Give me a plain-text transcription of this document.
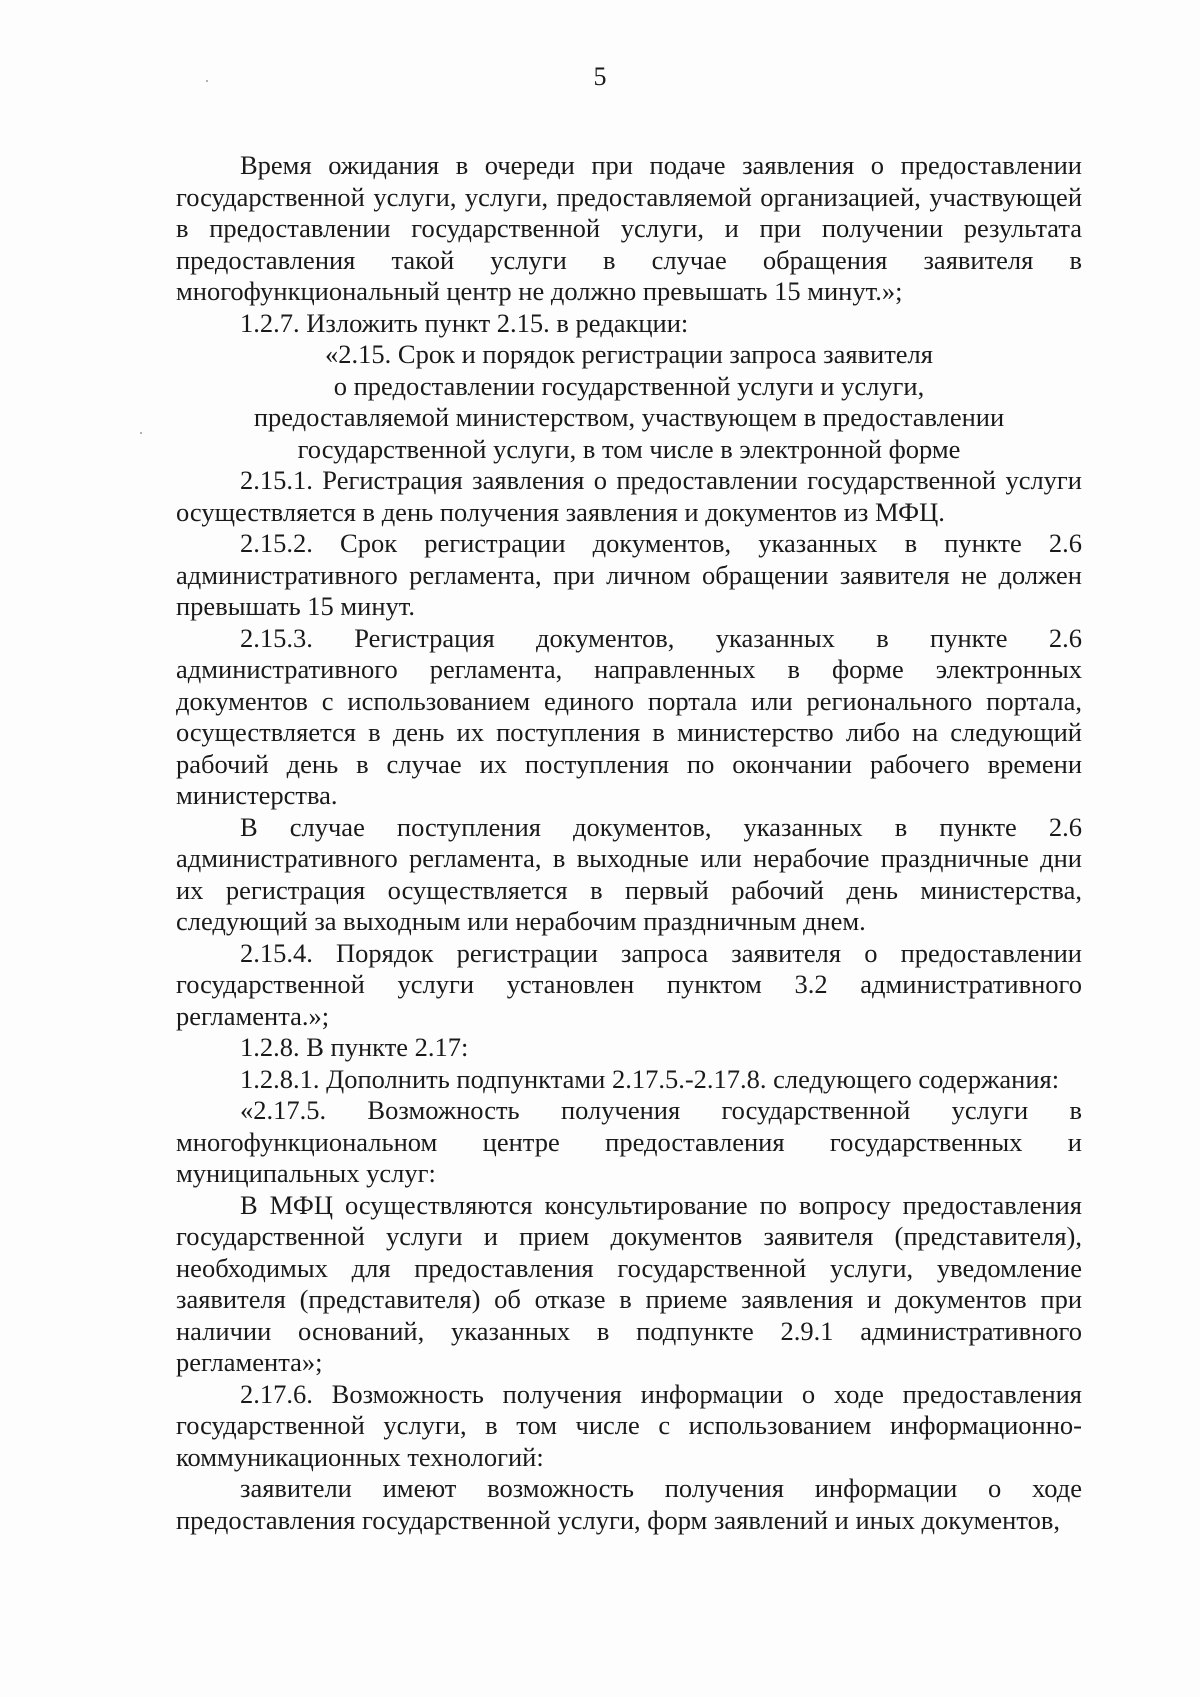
5

Время ожидания в очереди при подаче заявления о предоставлении государственной услуги, услуги, предоставляемой организацией, участвующей в предоставлении государственной услуги, и при получении результата предоставления такой услуги в случае обращения заявителя в многофункциональный центр не должно превышать 15 минут.»;

1.2.7. Изложить пункт 2.15. в редакции:

«2.15. Срок и порядок регистрации запроса заявителя

о предоставлении государственной услуги и услуги,

предоставляемой министерством, участвующем в предоставлении

государственной услуги, в том числе в электронной форме

2.15.1. Регистрация заявления о предоставлении государственной услуги осуществляется в день получения заявления и документов из МФЦ.

2.15.2. Срок регистрации документов, указанных в пункте 2.6 административного регламента, при личном обращении заявителя не должен превышать 15 минут.

2.15.3. Регистрация документов, указанных в пункте 2.6 административного регламента, направленных в форме электронных документов с использованием единого портала или регионального портала, осуществляется в день их поступления в министерство либо на следующий рабочий день в случае их поступления по окончании рабочего времени министерства.

В случае поступления документов, указанных в пункте 2.6 административного регламента, в выходные или нерабочие праздничные дни их регистрация осуществляется в первый рабочий день министерства, следующий за выходным или нерабочим праздничным днем.

2.15.4. Порядок регистрации запроса заявителя о предоставлении государственной услуги установлен пунктом 3.2 административного регламента.»;

1.2.8. В пункте 2.17:

1.2.8.1. Дополнить подпунктами 2.17.5.-2.17.8. следующего содержания:

«2.17.5. Возможность получения государственной услуги в многофункциональном центре предоставления государственных и муниципальных услуг:

В МФЦ осуществляются консультирование по вопросу предоставления государственной услуги и прием документов заявителя (представителя), необходимых для предоставления государственной услуги, уведомление заявителя (представителя) об отказе в приеме заявления и документов при наличии оснований, указанных в подпункте 2.9.1 административного регламента»;

2.17.6. Возможность получения информации о ходе предоставления государственной услуги, в том числе с использованием информационно-коммуникационных технологий:

заявители имеют возможность получения информации о ходе предоставления государственной услуги, форм заявлений и иных документов,
